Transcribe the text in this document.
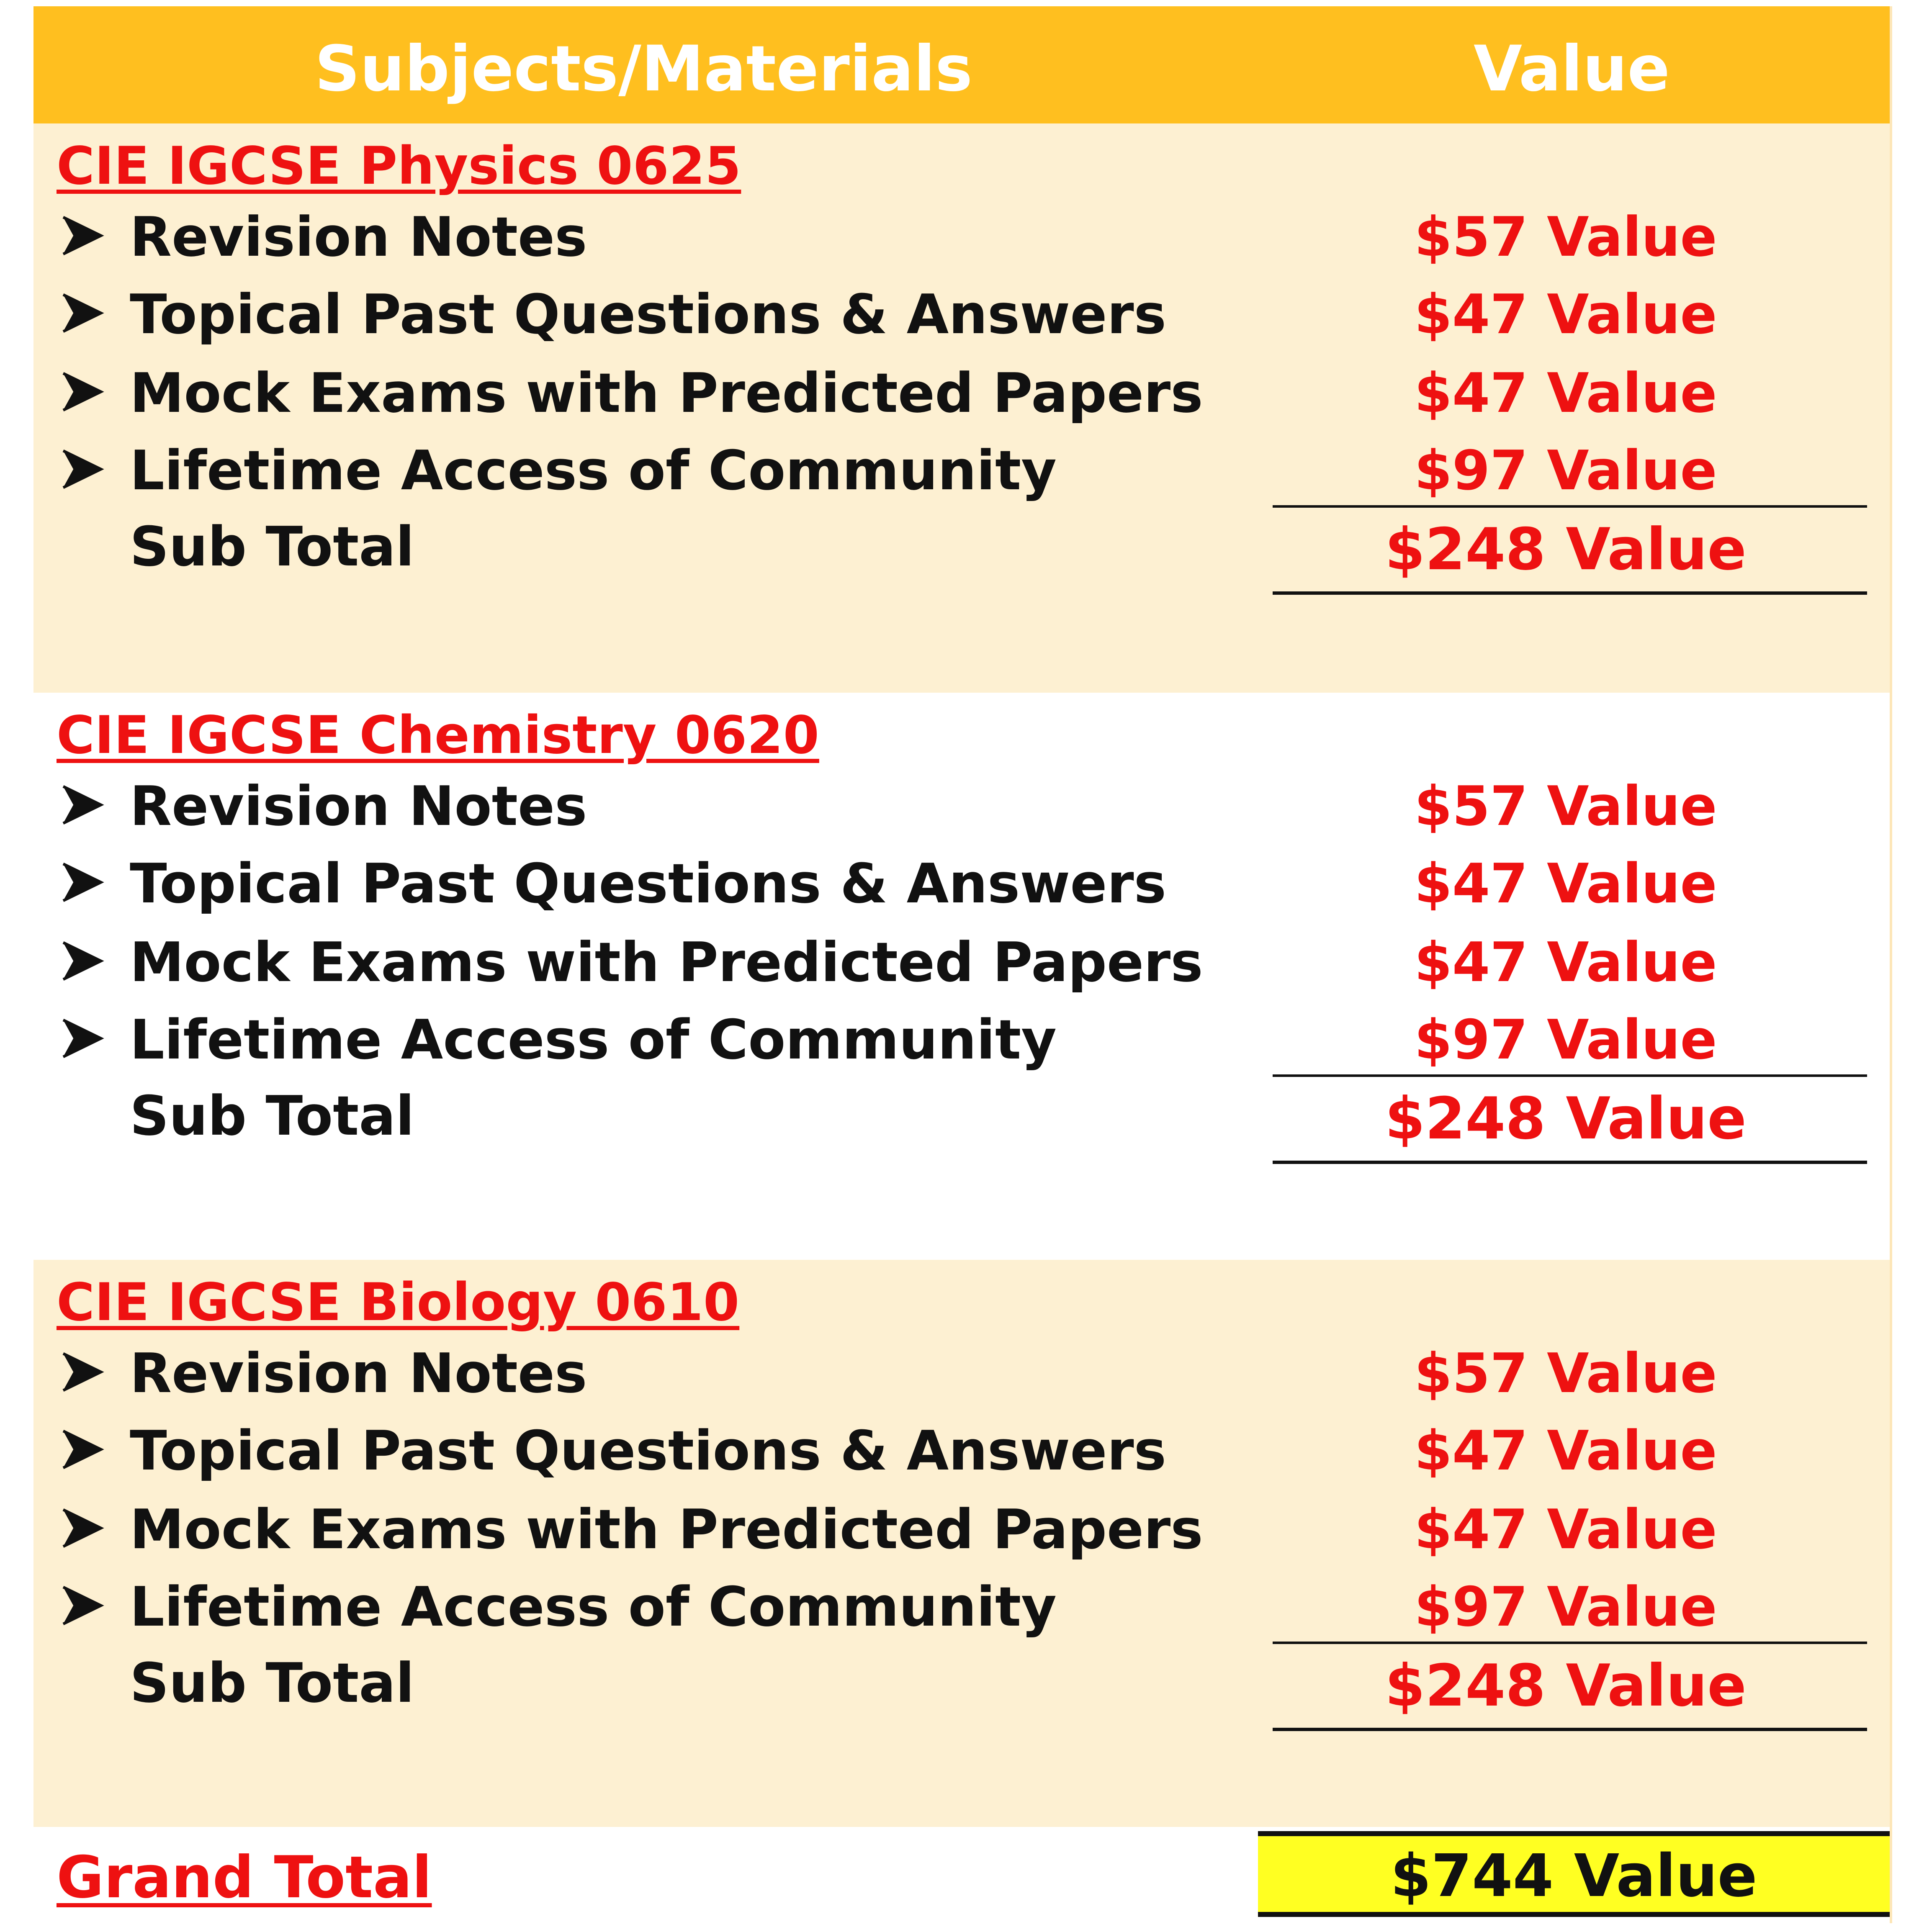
Subjects/Materials	Value
CIE IGCSE Physics 0625
Revision Notes	$57 Value
Topical Past Questions & Answers	$47 Value
Mock Exams with Predicted Papers	$47 Value
Lifetime Access of Community	$97 Value
Sub Total	$248 Value
CIE IGCSE Chemistry 0620
Revision Notes	$57 Value
Topical Past Questions & Answers	$47 Value
Mock Exams with Predicted Papers	$47 Value
Lifetime Access of Community	$97 Value
Sub Total	$248 Value
CIE IGCSE Biology 0610
Revision Notes	$57 Value
Topical Past Questions & Answers	$47 Value
Mock Exams with Predicted Papers	$47 Value
Lifetime Access of Community	$97 Value
Sub Total	$248 Value
Grand Total	$744 Value
